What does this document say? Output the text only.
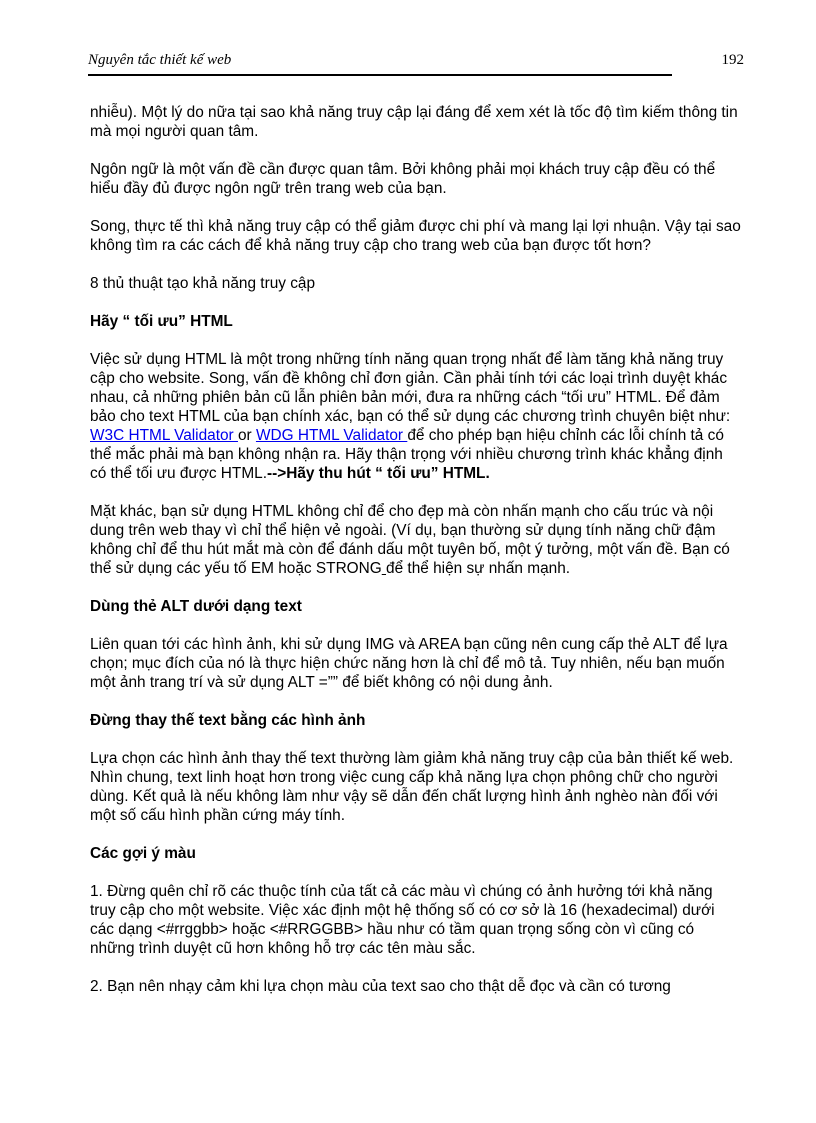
Nguyên tắc thiết kế web	192

nhiễu). Một lý do nữa tại sao khả năng truy cập lại đáng để xem xét là tốc độ tìm kiếm thông tin mà mọi người quan tâm.

Ngôn ngữ là một vấn đề cần được quan tâm. Bởi không phải mọi khách truy cập đều có thể hiểu đầy đủ được ngôn ngữ trên trang web của bạn.

Song, thực tế thì khả năng truy cập có thể giảm được chi phí và mang lại lợi nhuận. Vậy tại sao không tìm ra các cách để khả năng truy cập cho trang web của bạn được tốt hơn?

8 thủ thuật tạo khả năng truy cập

Hãy “ tối ưu” HTML

Việc sử dụng HTML là một trong những tính năng quan trọng nhất để làm tăng khả năng truy cập cho website. Song, vấn đề không chỉ đơn giản. Cần phải tính tới các loại trình duyệt khác nhau, cả những phiên bản cũ lẫn phiên bản mới, đưa ra những cách “tối ưu” HTML. Để đảm bảo cho text HTML của bạn chính xác, bạn có thể sử dụng các chương trình chuyên biệt như: W3C HTML Validator or WDG HTML Validator để cho phép bạn hiệu chỉnh các lỗi chính tả có thể mắc phải mà bạn không nhận ra. Hãy thận trọng với nhiều chương trình khác khẳng định có thể tối ưu được HTML.-->Hãy thu hút “ tối ưu” HTML.

Mặt khác, bạn sử dụng HTML không chỉ để cho đẹp mà còn nhấn mạnh cho cấu trúc và nội dung trên web thay vì chỉ thể hiện vẻ ngoài. (Ví dụ, bạn thường sử dụng tính năng chữ đậm không chỉ để thu hút mắt mà còn để đánh dấu một tuyên bố, một ý tưởng, một vấn đề. Bạn có thể sử dụng các yếu tố EM hoặc STRONG để thể hiện sự nhấn mạnh.

Dùng thẻ ALT dưới dạng text

Liên quan tới các hình ảnh, khi sử dụng IMG và AREA bạn cũng nên cung cấp thẻ ALT để lựa chọn; mục đích của nó là thực hiện chức năng hơn là chỉ để mô tả. Tuy nhiên, nếu bạn muốn một ảnh trang trí và sử dụng ALT =”” để biết không có nội dung ảnh.

Đừng thay thế text bằng các hình ảnh

Lựa chọn các hình ảnh thay thế text thường làm giảm khả năng truy cập của bản thiết kế web. Nhìn chung, text linh hoạt hơn trong việc cung cấp khả năng lựa chọn phông chữ cho người dùng. Kết quả là nếu không làm như vậy sẽ dẫn đến chất lượng hình ảnh nghèo nàn đối với một số cấu hình phần cứng máy tính.

Các gợi ý màu

1. Đừng quên chỉ rõ các thuộc tính của tất cả các màu vì chúng có ảnh hưởng tới khả năng truy cập cho một website. Việc xác định một hệ thống số có cơ sở là 16 (hexadecimal) dưới các dạng <#rrggbb> hoặc <#RRGGBB> hầu như có tầm quan trọng sống còn vì cũng có những trình duyệt cũ hơn không hỗ trợ các tên màu sắc.

2. Bạn nên nhạy cảm khi lựa chọn màu của text sao cho thật dễ đọc và cần có tương
